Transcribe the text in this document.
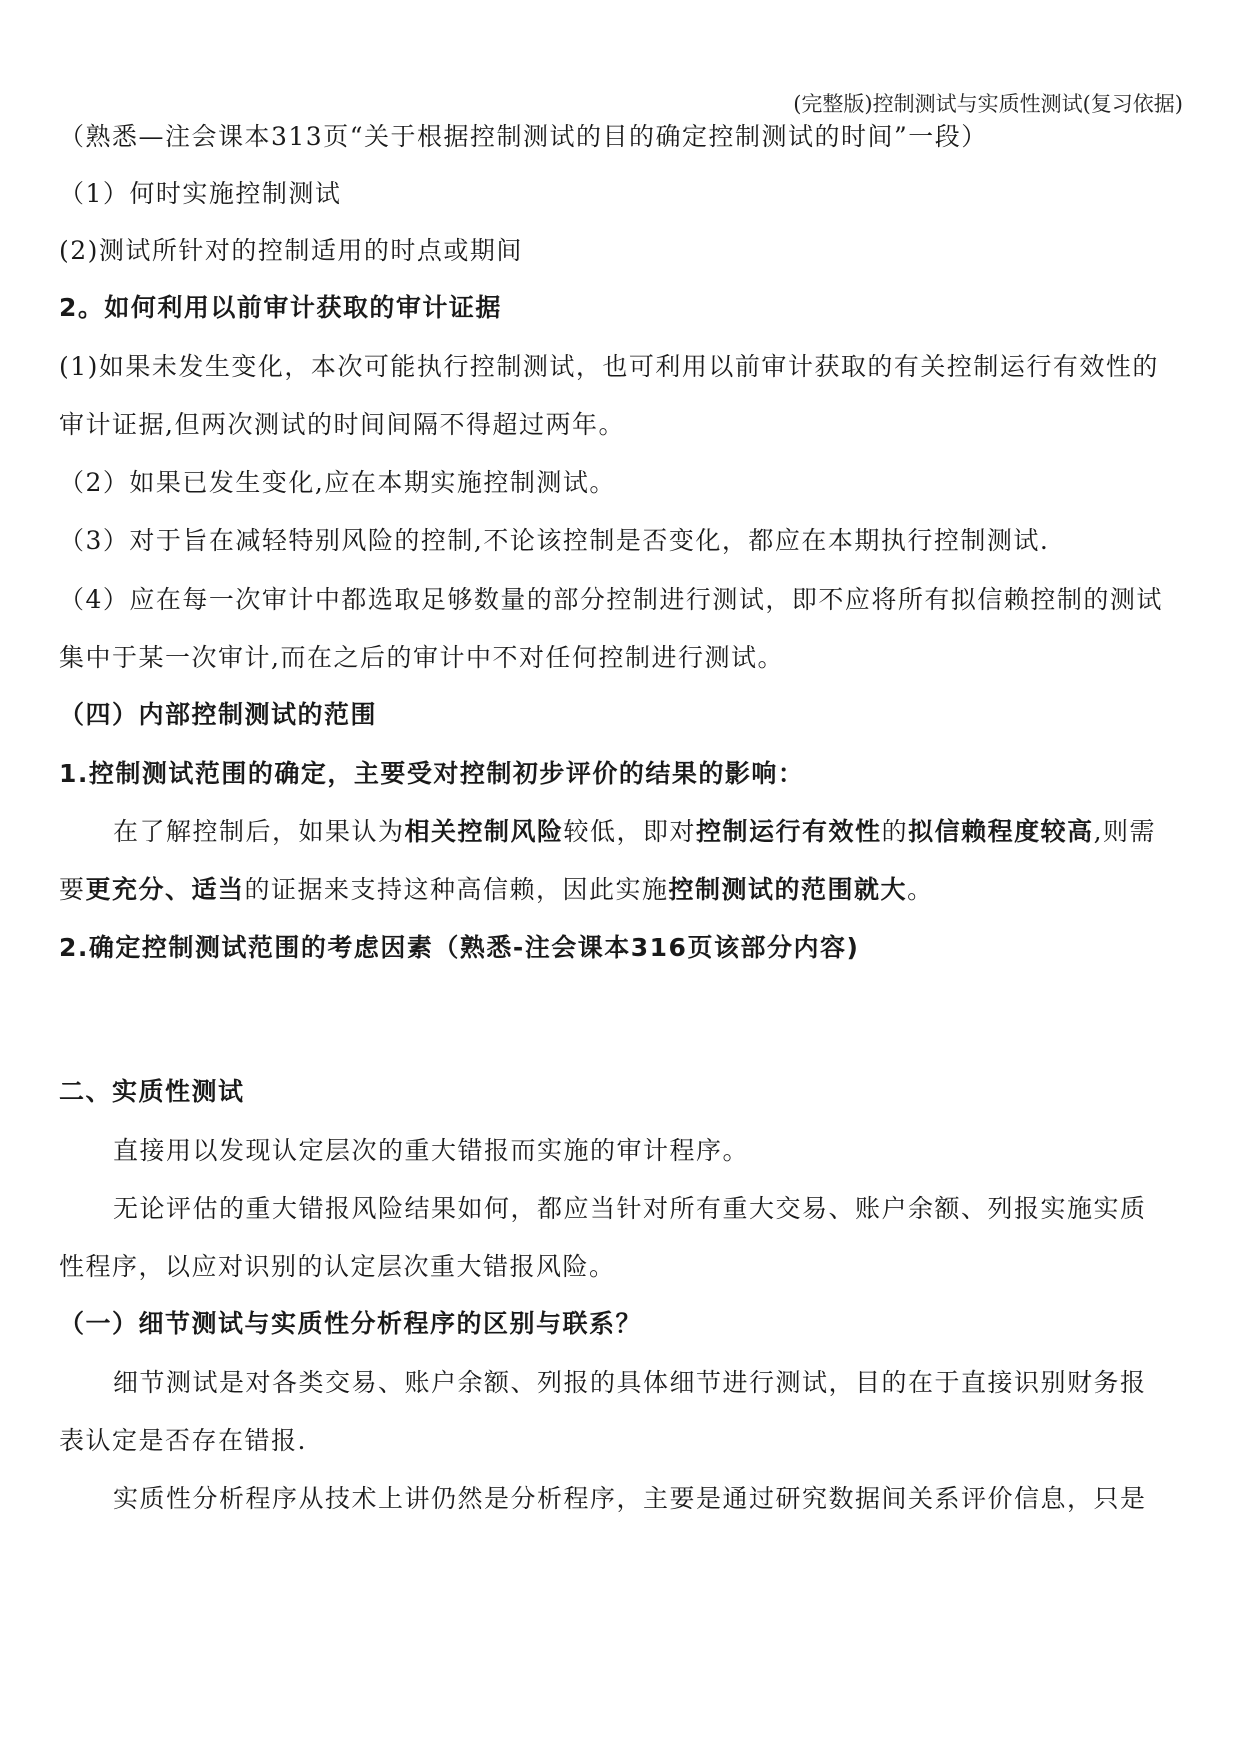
(完整版)控制测试与实质性测试(复习依据)
（熟悉—注会课本313页“关于根据控制测试的目的确定控制测试的时间”一段）
（1）何时实施控制测试
(2)测试所针对的控制适用的时点或期间
2。如何利用以前审计获取的审计证据
(1)如果未发生变化，本次可能执行控制测试，也可利用以前审计获取的有关控制运行有效性的
审计证据,但两次测试的时间间隔不得超过两年。
（2）如果已发生变化,应在本期实施控制测试。
（3）对于旨在减轻特别风险的控制,不论该控制是否变化，都应在本期执行控制测试.
（4）应在每一次审计中都选取足够数量的部分控制进行测试，即不应将所有拟信赖控制的测试
集中于某一次审计,而在之后的审计中不对任何控制进行测试。
（四）内部控制测试的范围
1.控制测试范围的确定，主要受对控制初步评价的结果的影响：
在了解控制后，如果认为相关控制风险较低，即对控制运行有效性的拟信赖程度较高,则需
要更充分、适当的证据来支持这种高信赖，因此实施控制测试的范围就大。
2.确定控制测试范围的考虑因素（熟悉-注会课本316页该部分内容)
二、实质性测试
直接用以发现认定层次的重大错报而实施的审计程序。
无论评估的重大错报风险结果如何，都应当针对所有重大交易、账户余额、列报实施实质
性程序，以应对识别的认定层次重大错报风险。
（一）细节测试与实质性分析程序的区别与联系？
细节测试是对各类交易、账户余额、列报的具体细节进行测试，目的在于直接识别财务报
表认定是否存在错报.
实质性分析程序从技术上讲仍然是分析程序，主要是通过研究数据间关系评价信息，只是
